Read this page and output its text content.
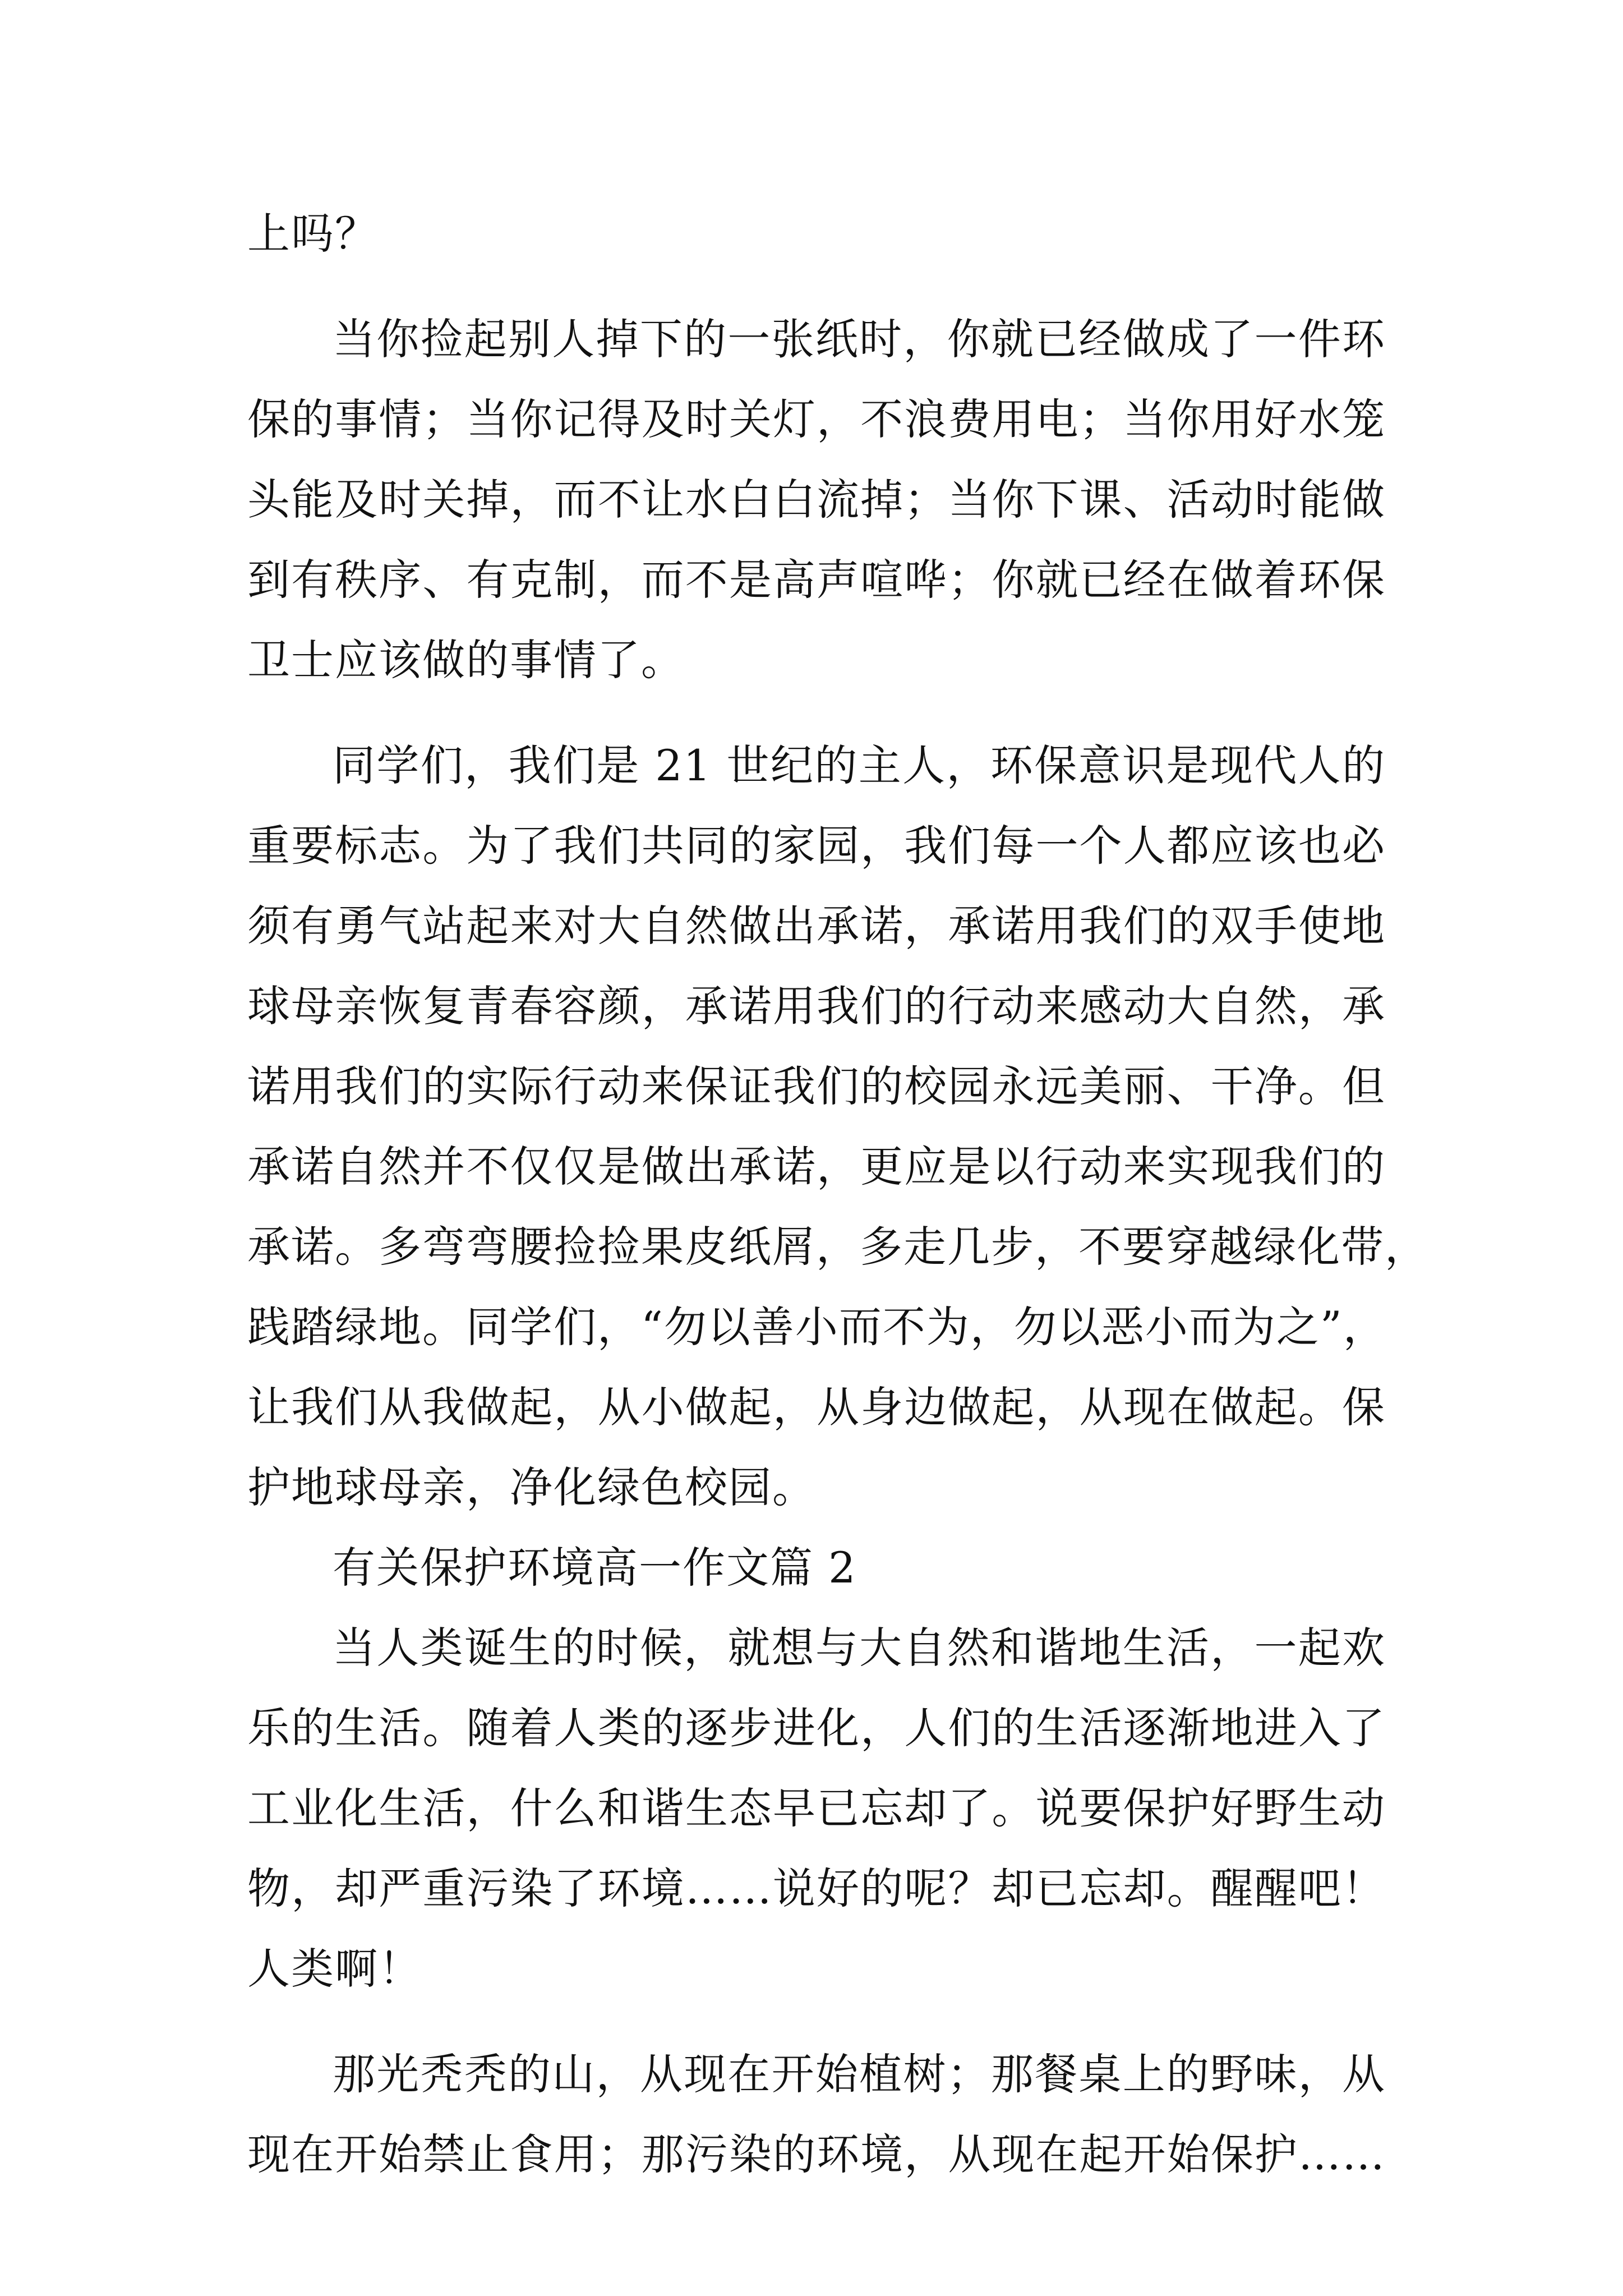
上吗？
当你捡起别人掉下的一张纸时，你就已经做成了一件环
保的事情；当你记得及时关灯，不浪费用电；当你用好水笼
头能及时关掉，而不让水白白流掉；当你下课、活动时能做
到有秩序、有克制，而不是高声喧哗；你就已经在做着环保
卫士应该做的事情了。
同学们，我们是 21 世纪的主人，环保意识是现代人的
重要标志。为了我们共同的家园，我们每一个人都应该也必
须有勇气站起来对大自然做出承诺，承诺用我们的双手使地
球母亲恢复青春容颜，承诺用我们的行动来感动大自然，承
诺用我们的实际行动来保证我们的校园永远美丽、干净。但
承诺自然并不仅仅是做出承诺，更应是以行动来实现我们的
承诺。多弯弯腰捡捡果皮纸屑，多走几步，不要穿越绿化带，
践踏绿地。同学们，“勿以善小而不为，勿以恶小而为之”，
让我们从我做起，从小做起，从身边做起，从现在做起。保
护地球母亲，净化绿色校园。
有关保护环境高一作文篇 2
当人类诞生的时候，就想与大自然和谐地生活，一起欢
乐的生活。随着人类的逐步进化，人们的生活逐渐地进入了
工业化生活，什么和谐生态早已忘却了。说要保护好野生动
物，却严重污染了环境……说好的呢？却已忘却。醒醒吧！
人类啊！
那光秃秃的山，从现在开始植树；那餐桌上的野味，从
现在开始禁止食用；那污染的环境，从现在起开始保护……
